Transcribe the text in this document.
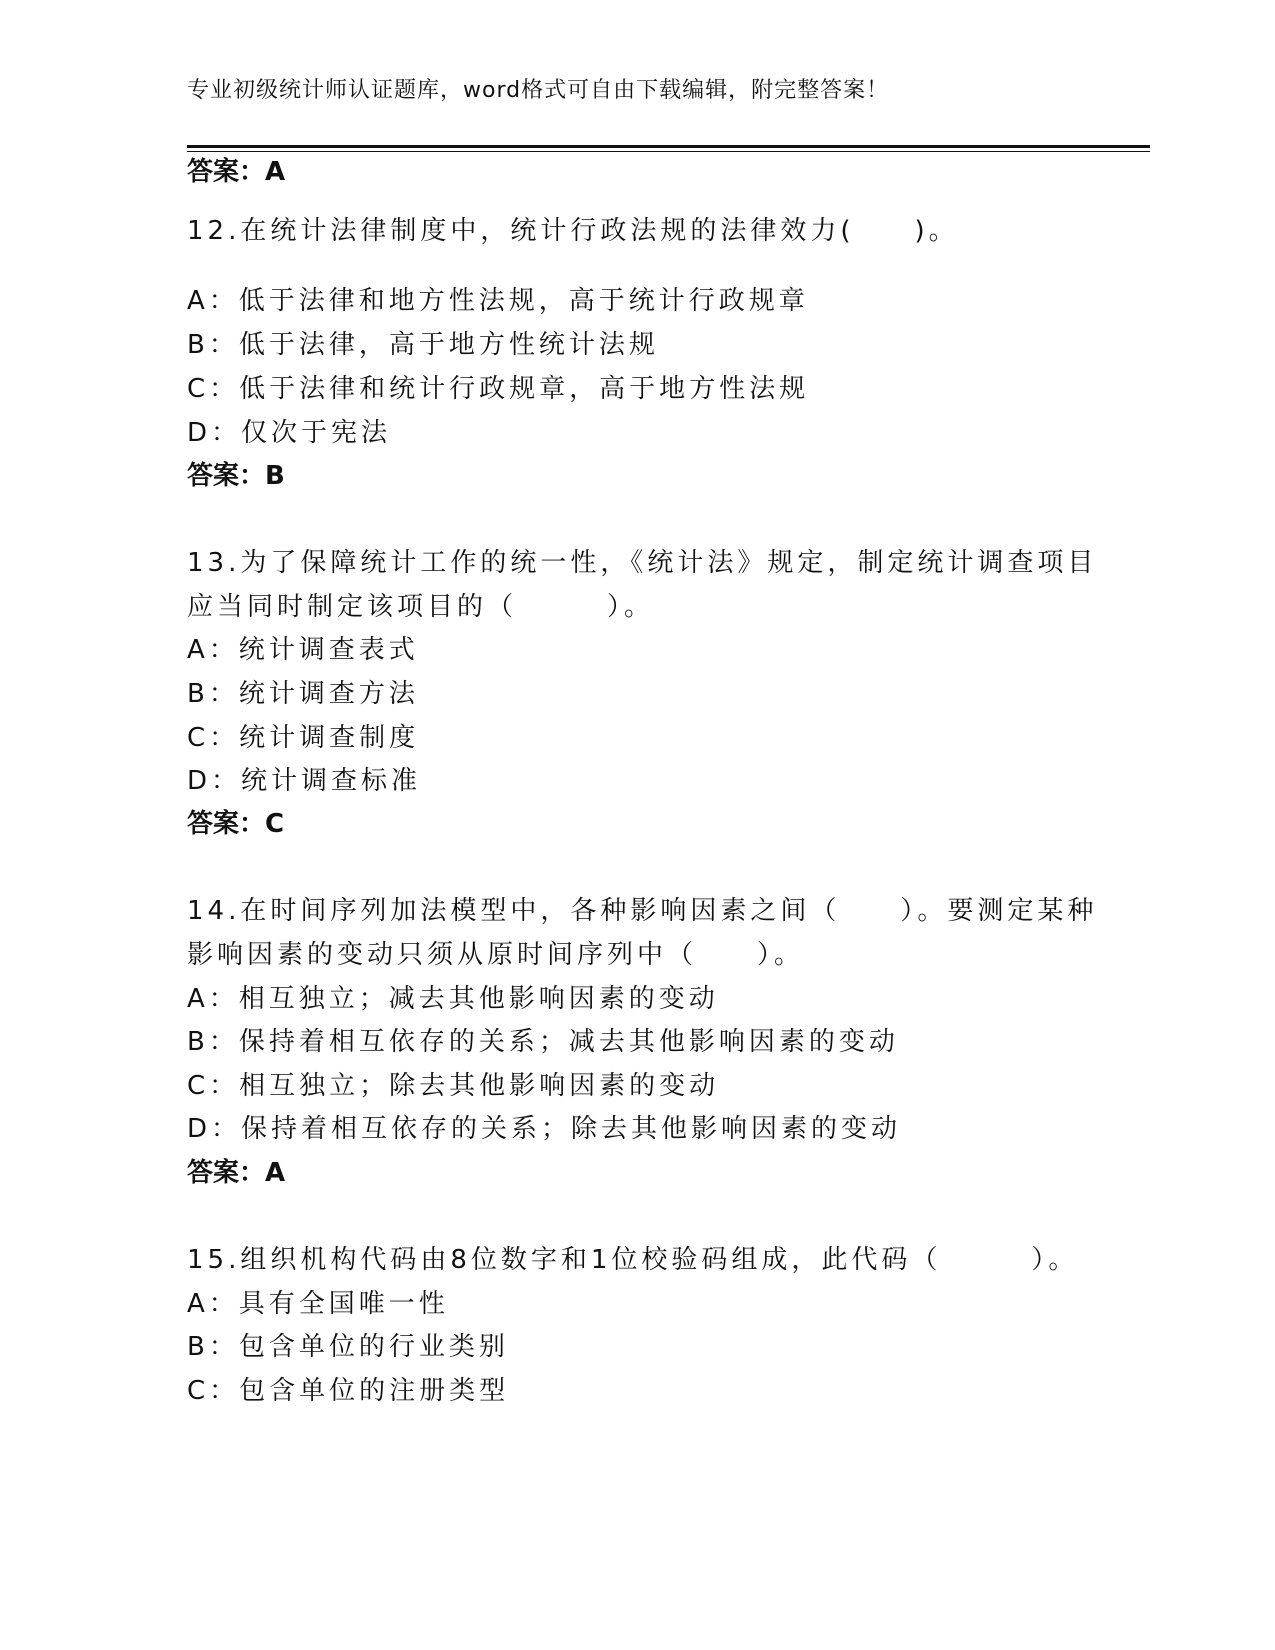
专业初级统计师认证题库，word格式可自由下载编辑，附完整答案！
答案：A
12.在统计法律制度中，统计行政法规的法律效力(　　)。
A：低于法律和地方性法规，高于统计行政规章
B：低于法律，高于地方性统计法规
C：低于法律和统计行政规章，高于地方性法规
D：仅次于宪法
答案：B
13.为了保障统计工作的统一性，《统计法》规定，制定统计调查项目
应当同时制定该项目的（　　　）。
A：统计调查表式
B：统计调查方法
C：统计调查制度
D：统计调查标准
答案：C
14.在时间序列加法模型中，各种影响因素之间（　　）。要测定某种
影响因素的变动只须从原时间序列中（　　）。
A：相互独立；减去其他影响因素的变动
B：保持着相互依存的关系；减去其他影响因素的变动
C：相互独立；除去其他影响因素的变动
D：保持着相互依存的关系；除去其他影响因素的变动
答案：A
15.组织机构代码由8位数字和1位校验码组成，此代码（　　　）。
A：具有全国唯一性
B：包含单位的行业类别
C：包含单位的注册类型
